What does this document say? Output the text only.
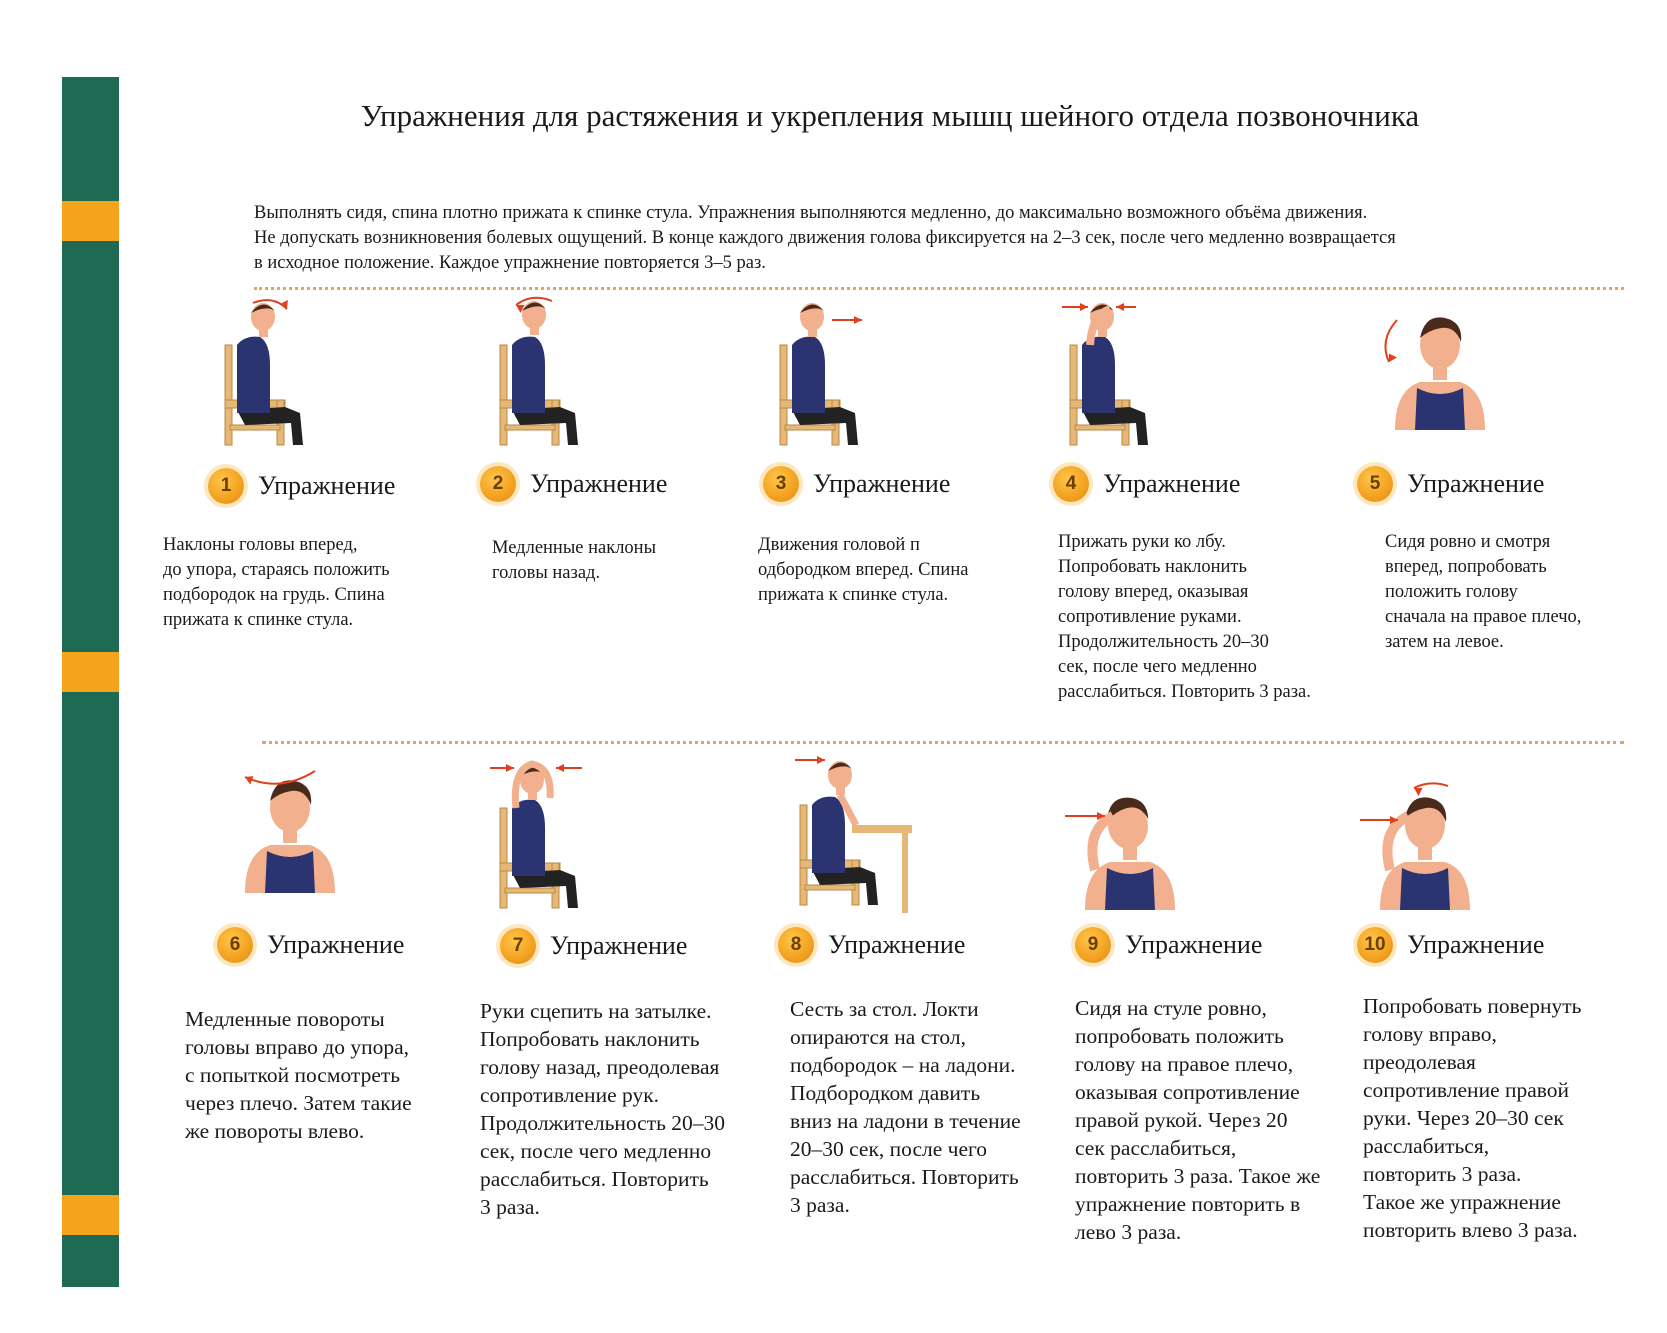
Упражнения для растяжения и укрепления мышц шейного отдела позвоночника
Выполнять сидя, спина плотно прижата к спинке стула. Упражнения выполняются медленно, до максимально возможного объёма движения.
Не допускать возникновения болевых ощущений. В конце каждого движения голова фиксируется на 2–3 сек, после чего медленно возвращается
в исходное положение. Каждое упражнение повторяется 3–5 раз.
1	Упражнение
Наклоны головы вперед,
до упора, стараясь положить
подбородок на грудь. Спина
прижата к спинке стула.
2	Упражнение
Медленные наклоны
головы назад.
3	Упражнение
Движения головой п
одбородком вперед. Спина
прижата к спинке стула.
4	Упражнение
Прижать руки ко лбу.
Попробовать наклонить
голову вперед, оказывая
сопротивление руками.
Продолжительность 20–30
сек, после чего медленно
расслабиться. Повторить 3 раза.
5	Упражнение
Сидя ровно и смотря
вперед, попробовать
положить голову
сначала на правое плечо,
затем на левое.
6	Упражнение
Медленные повороты
головы вправо до упора,
с попыткой посмотреть
через плечо. Затем такие
же повороты влево.
7	Упражнение
Руки сцепить на затылке.
Попробовать наклонить
голову назад, преодолевая
сопротивление рук.
Продолжительность 20–30
сек, после чего медленно
расслабиться. Повторить
3 раза.
8	Упражнение
Сесть за стол. Локти
опираются на стол,
подбородок – на ладони.
Подбородком давить
вниз на ладони в течение
20–30 сек, после чего
расслабиться. Повторить
3 раза.
9	Упражнение
Сидя на стуле ровно,
попробовать положить
голову на правое плечо,
оказывая сопротивление
правой рукой. Через 20
сек расслабиться,
повторить 3 раза. Такое же
упражнение повторить в
лево 3 раза.
10 Упражнение
Попробовать повернуть
голову вправо,
преодолевая
сопротивление правой
руки. Через 20–30 сек
расслабиться,
повторить 3 раза.
Такое же упражнение
повторить влево 3 раза.
